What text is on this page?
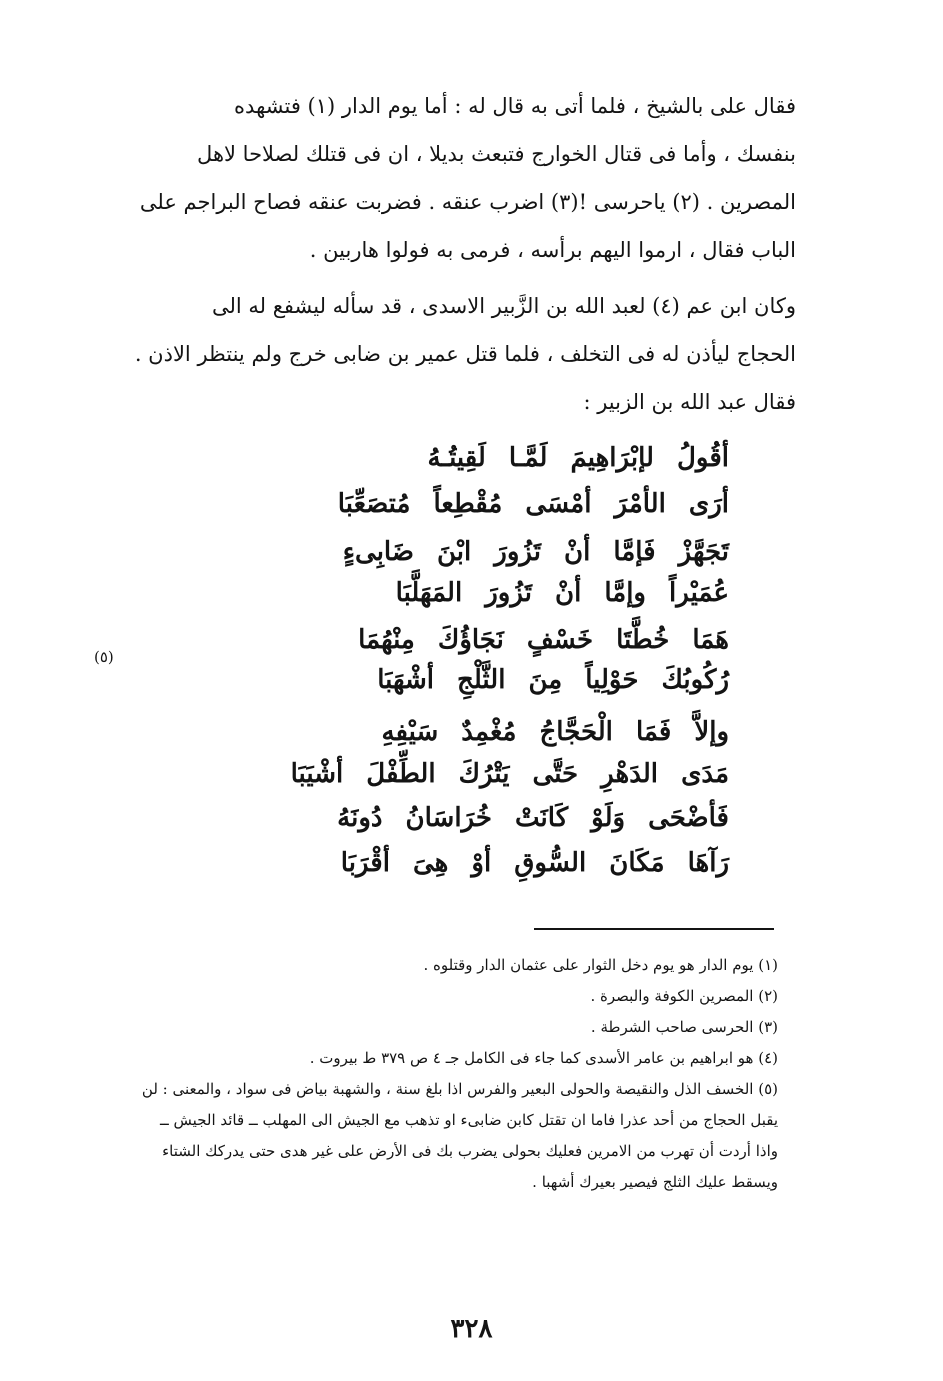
فقال على بالشيخ ، فلما أتى به قال له : أما يوم الدار (١) فتشهده

بنفسك ، وأما فى قتال الخوارج فتبعث بديلا ، ان فى قتلك لصلاحا لاهل

المصرين . (٢) ياحرسى !(٣) اضرب عنقه . فضربت عنقه فصاح البراجم على

الباب فقال ، ارموا اليهم برأسه ، فرمى به فولوا هاربين .

وكان ابن عم (٤) لعبد الله بن الزَّبير الاسدى ، قد سأله ليشفع له الى

الحجاج ليأذن له فى التخلف ، فلما قتل عمير بن ضابى خرج ولم ينتظر الاذن .

فقال عبد الله بن الزبير :

أقُولُ لإبْرَاهِيمَ لَمَّـا لَقِيتُـهُ
أرَى الأمْرَ أمْسَى مُقْطِعاً مُتصَعِّبَا
تَجَهَّزْ فَإمَّا أنْ تَزُورَ ابْنَ ضَابِىءٍ
عُمَيْراً وإمَّا أنْ تَزُورَ المَهَلَّبَا
هَمَا خُطَّتَا خَسْفٍ نَجَاؤُكَ مِنْهُمَا
رُكُوبُكَ حَوْلِياً مِنَ الثَّلْجِ أشْهَبَا
(٥)
وإلاَّ فَمَا الْحَجَّاجُ مُغْمِدٌ سَيْفِهِ
مَدَى الدَهْرِ حَتَّى يَتْرُكَ الطِّفْلَ أشْيَبَا
فَأضْحَى وَلَوْ كَانَتْ خُرَاسَانُ دُونَهُ
رَآهَا مَكَانَ السُّوقِ أوْ هِىَ أقْرَبَا

(١) يوم الدار هو يوم دخل الثوار على عثمان الدار وقتلوه .

(٢) المصرين الكوفة والبصرة .

(٣) الحرسى صاحب الشرطة .

(٤) هو ابراهيم بن عامر الأسدى كما جاء فى الكامل جـ ٤ ص ٣٧٩ ط بيروت .

(٥) الخسف الذل والنقيصة والحولى البعير والفرس اذا بلغ سنة ، والشهبة بياض فى سواد ، والمعنى : لن

يقبل الحجاج من أحد عذرا فاما ان تقتل كابن ضابىء او تذهب مع الجيش الى المهلب ــ قائد الجيش ــ

واذا أردت أن تهرب من الامرين فعليك بحولى يضرب بك فى الأرض على غير هدى حتى يدركك الشتاء

ويسقط عليك الثلج فيصير بعيرك أشهبا .

٣٢٨
